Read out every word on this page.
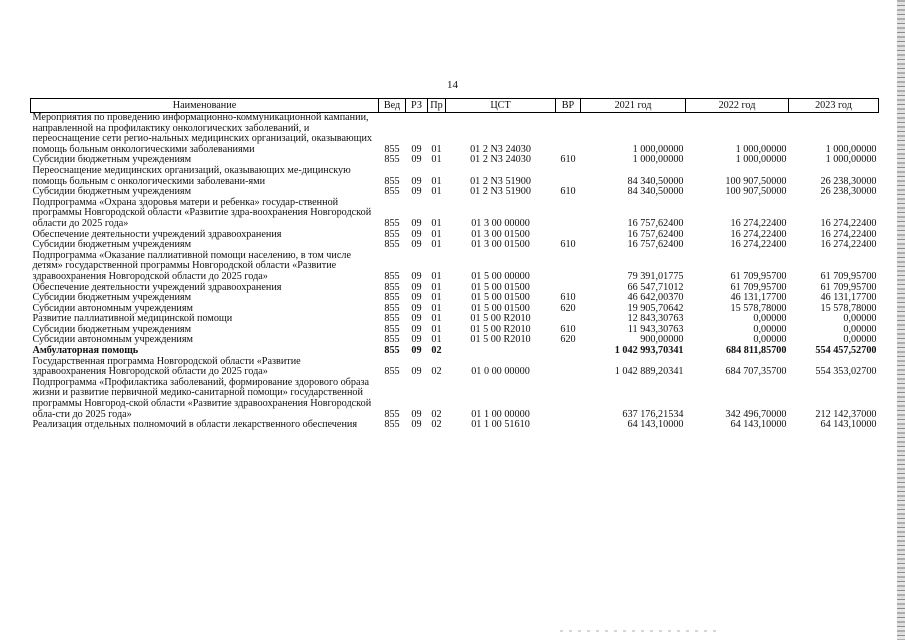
14
Наименование	Вед	РЗ	Пр	ЦСТ	ВР	2021 год	2022 год	2023 год
Мероприятия по проведению информационно-коммуникационной кампании, направленной на профилактику онкологических заболеваний, и переоснащение сети регио-нальных медицинских организаций, оказывающих помощь больным онкологическими заболеваниями	855	09	01	01 2 N3 24030		1 000,00000	1 000,00000	1 000,00000
Субсидии бюджетным учреждениям	855	09	01	01 2 N3 24030	610	1 000,00000	1 000,00000	1 000,00000
Переоснащение медицинских организаций, оказывающих ме-дицинскую помощь больным с онкологическими заболевани-ями	855	09	01	01 2 N3 51900		84 340,50000	100 907,50000	26 238,30000
Субсидии бюджетным учреждениям	855	09	01	01 2 N3 51900	610	84 340,50000	100 907,50000	26 238,30000
Подпрограмма «Охрана здоровья матери и ребенка» государ-ственной программы Новгородской области «Развитие здра-воохранения Новгородской области до 2025 года»	855	09	01	01 3 00 00000		16 757,62400	16 274,22400	16 274,22400
Обеспечение деятельности учреждений здравоохранения	855	09	01	01 3 00 01500		16 757,62400	16 274,22400	16 274,22400
Субсидии бюджетным учреждениям	855	09	01	01 3 00 01500	610	16 757,62400	16 274,22400	16 274,22400
Подпрограмма «Оказание паллиативной помощи населению, в том числе детям» государственной программы Новгородской области «Развитие здравоохранения Новгородской области до 2025 года»	855	09	01	01 5 00 00000		79 391,01775	61 709,95700	61 709,95700
Обеспечение деятельности учреждений здравоохранения	855	09	01	01 5 00 01500		66 547,71012	61 709,95700	61 709,95700
Субсидии бюджетным учреждениям	855	09	01	01 5 00 01500	610	46 642,00370	46 131,17700	46 131,17700
Субсидии автономным учреждениям	855	09	01	01 5 00 01500	620	19 905,70642	15 578,78000	15 578,78000
Развитие паллиативной медицинской помощи	855	09	01	01 5 00 R2010		12 843,30763	0,00000	0,00000
Субсидии бюджетным учреждениям	855	09	01	01 5 00 R2010	610	11 943,30763	0,00000	0,00000
Субсидии автономным учреждениям	855	09	01	01 5 00 R2010	620	900,00000	0,00000	0,00000
Амбулаторная помощь	855	09	02			1 042 993,70341	684 811,85700	554 457,52700
Государственная программа Новгородской области «Развитие здравоохранения Новгородской области до 2025 года»	855	09	02	01 0 00 00000		1 042 889,20341	684 707,35700	554 353,02700
Подпрограмма «Профилактика заболеваний, формирование здорового образа жизни и развитие первичной медико-санитарной помощи» государственной программы Новгород-ской области «Развитие здравоохранения Новгородской обла-сти до 2025 года»	855	09	02	01 1 00 00000		637 176,21534	342 496,70000	212 142,37000
Реализация отдельных полномочий в области лекарственного обеспечения	855	09	02	01 1 00 51610		64 143,10000	64 143,10000	64 143,10000
